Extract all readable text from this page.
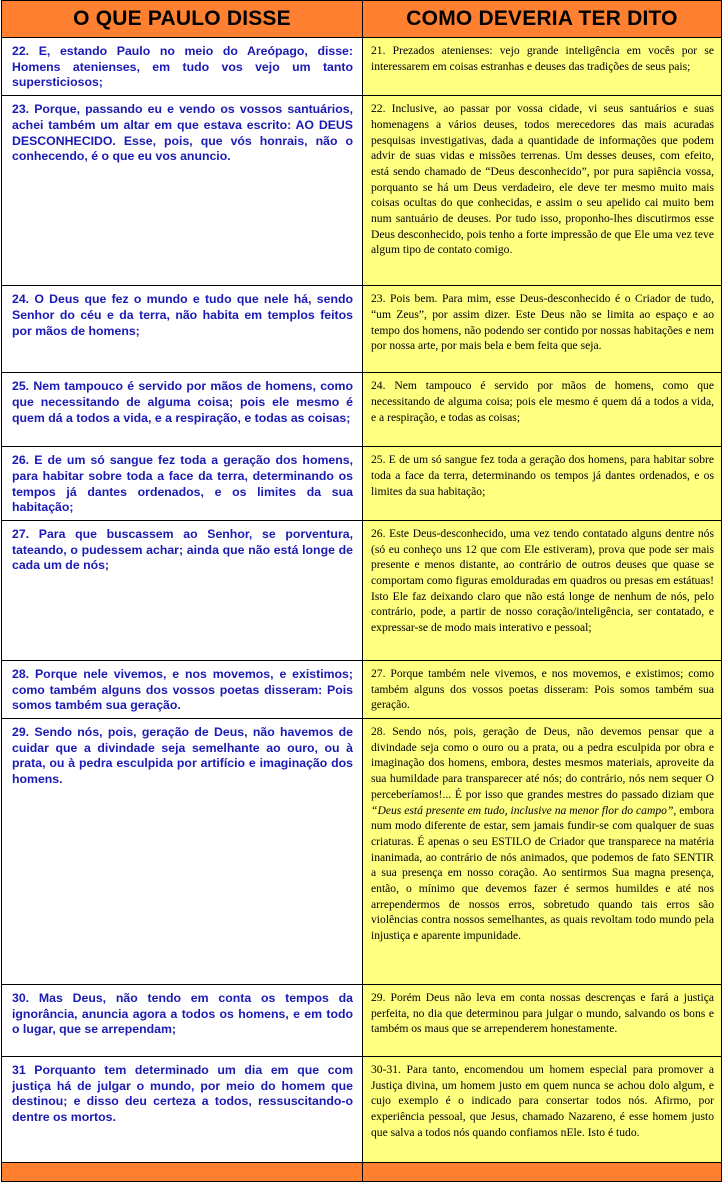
O QUE PAULO DISSE	COMO DEVERIA TER DITO
22. E, estando Paulo no meio do Areópago, disse: Homens atenienses, em tudo vos vejo um tanto supersticiosos;	21. Prezados atenienses: vejo grande inteligência em vocês por se interessarem em coisas estranhas e deuses das tradições de seus pais;
23. Porque, passando eu e vendo os vossos santuários, achei também um altar em que estava escrito: AO DEUS DESCONHECIDO. Esse, pois, que vós honrais, não o conhecendo, é o que eu vos anuncio.	22. Inclusive, ao passar por vossa cidade, vi seus santuários e suas homenagens a vários deuses, todos merecedores das mais acuradas pesquisas investigativas, dada a quantidade de informações que podem advir de suas vidas e missões terrenas. Um desses deuses, com efeito, está sendo chamado de “Deus desconhecido”, por pura sapiência vossa, porquanto se há um Deus verdadeiro, ele deve ter mesmo muito mais coisas ocultas do que conhecidas, e assim o seu apelido cai muito bem num santuário de deuses. Por tudo isso, proponho-lhes discutirmos esse Deus desconhecido, pois tenho a forte impressão de que Ele uma vez teve algum tipo de contato comigo.
24. O Deus que fez o mundo e tudo que nele há, sendo Senhor do céu e da terra, não habita em templos feitos por mãos de homens;	23. Pois bem. Para mim, esse Deus-desconhecido é o Criador de tudo, “um Zeus”, por assim dizer. Este Deus não se limita ao espaço e ao tempo dos homens, não podendo ser contido por nossas habitações e nem por nossa arte, por mais bela e bem feita que seja.
25. Nem tampouco é servido por mãos de homens, como que necessitando de alguma coisa; pois ele mesmo é quem dá a todos a vida, e a respiração, e todas as coisas;	24. Nem tampouco é servido por mãos de homens, como que necessitando de alguma coisa; pois ele mesmo é quem dá a todos a vida, e a respiração, e todas as coisas;
26. E de um só sangue fez toda a geração dos homens, para habitar sobre toda a face da terra, determinando os tempos já dantes ordenados, e os limites da sua habitação;	25. E de um só sangue fez toda a geração dos homens, para habitar sobre toda a face da terra, determinando os tempos já dantes ordenados, e os limites da sua habitação;
27. Para que buscassem ao Senhor, se porventura, tateando, o pudessem achar; ainda que não está longe de cada um de nós;	26. Este Deus-desconhecido, uma vez tendo contatado alguns dentre nós (só eu conheço uns 12 que com Ele estiveram), prova que pode ser mais presente e menos distante, ao contrário de outros deuses que quase se comportam como figuras emolduradas em quadros ou presas em estátuas! Isto Ele faz deixando claro que não está longe de nenhum de nós, pelo contrário, pode, a partir de nosso coração/inteligência, ser contatado, e expressar-se de modo mais interativo e pessoal;
28. Porque nele vivemos, e nos movemos, e existimos; como também alguns dos vossos poetas disseram: Pois somos também sua geração.	27. Porque também nele vivemos, e nos movemos, e existimos; como também alguns dos vossos poetas disseram: Pois somos também sua geração.
29. Sendo nós, pois, geração de Deus, não havemos de cuidar que a divindade seja semelhante ao ouro, ou à prata, ou à pedra esculpida por artifício e imaginação dos homens.	28. Sendo nós, pois, geração de Deus, não devemos pensar que a divindade seja como o ouro ou a prata, ou a pedra esculpida por obra e imaginação dos homens, embora, destes mesmos materiais, aproveite da sua humildade para transparecer até nós; do contrário, nós nem sequer O perceberíamos!... É por isso que grandes mestres do passado diziam que “Deus está presente em tudo, inclusive na menor flor do campo”, embora num modo diferente de estar, sem jamais fundir-se com qualquer de suas criaturas. É apenas o seu ESTILO de Criador que transparece na matéria inanimada, ao contrário de nós animados, que podemos de fato SENTIR a sua presença em nosso coração. Ao sentirmos Sua magna presença, então, o mínimo que devemos fazer é sermos humildes e até nos arrependermos de nossos erros, sobretudo quando tais erros são violências contra nossos semelhantes, as quais revoltam todo mundo pela injustiça e aparente impunidade.
30. Mas Deus, não tendo em conta os tempos da ignorância, anuncia agora a todos os homens, e em todo o lugar, que se arrependam;	29. Porém Deus não leva em conta nossas descrenças e fará a justiça perfeita, no dia que determinou para julgar o mundo, salvando os bons e também os maus que se arrependerem honestamente.
31 Porquanto tem determinado um dia em que com justiça há de julgar o mundo, por meio do homem que destinou; e disso deu certeza a todos, ressuscitando-o dentre os mortos.	30-31. Para tanto, encomendou um homem especial para promover a Justiça divina, um homem justo em quem nunca se achou dolo algum, e cujo exemplo é o indicado para consertar todos nós. Afirmo, por experiência pessoal, que Jesus, chamado Nazareno, é esse homem justo que salva a todos nós quando confiamos nEle. Isto é tudo.
